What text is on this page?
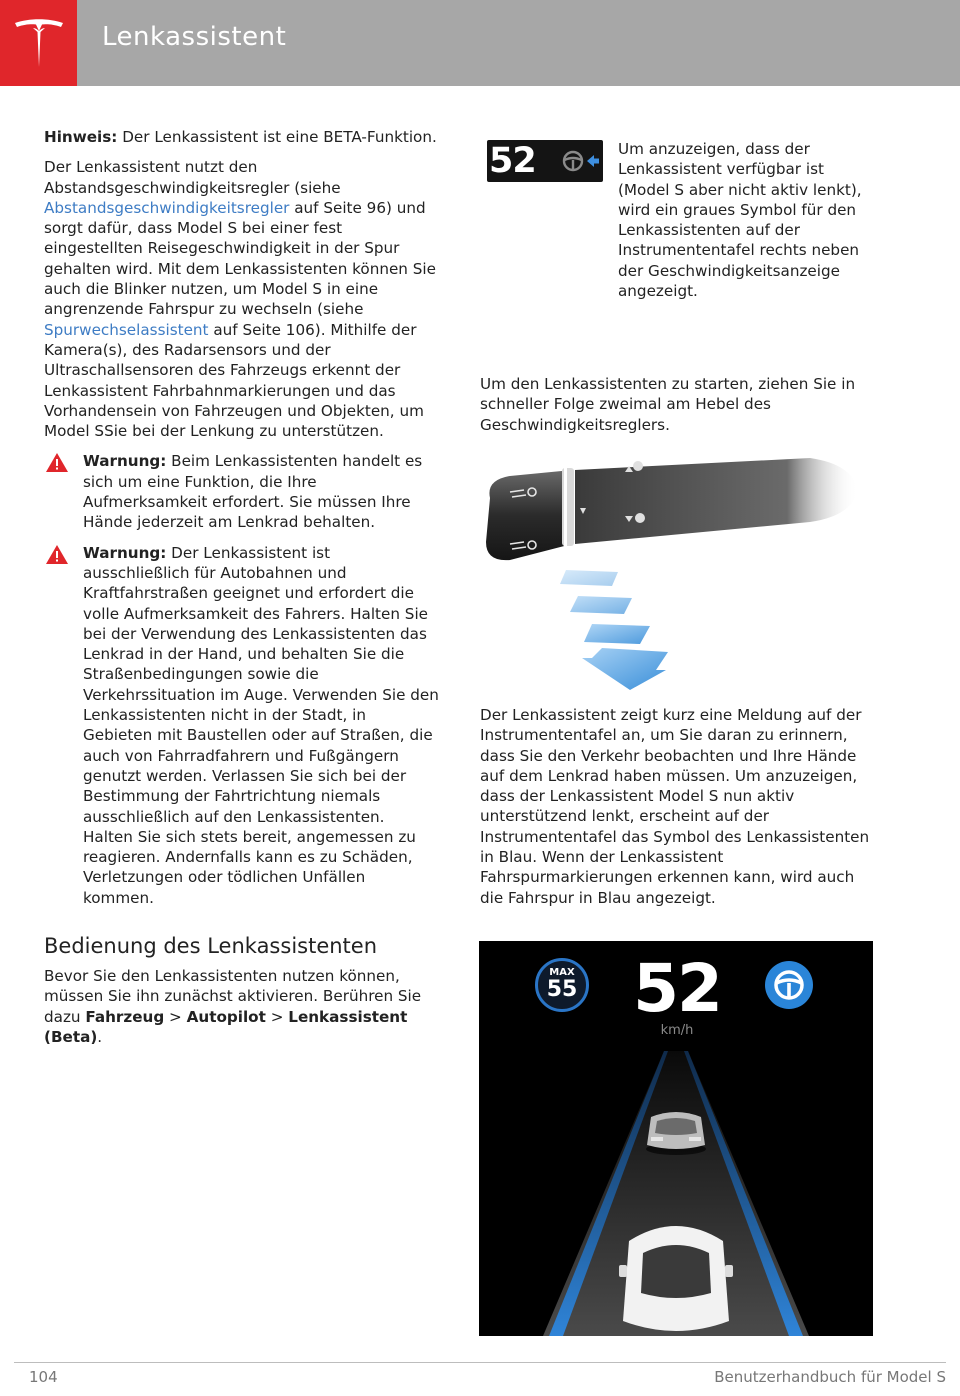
Lenkassistent

Hinweis: Der Lenkassistent ist eine BETA-Funktion.

Der Lenkassistent nutzt den Abstandsgeschwindigkeitsregler (siehe Abstandsgeschwindigkeitsregler auf Seite 96) und sorgt dafür, dass Model S bei einer fest eingestellten Reisegeschwindigkeit in der Spur gehalten wird. Mit dem Lenkassistenten können Sie auch die Blinker nutzen, um Model S in eine angrenzende Fahrspur zu wechseln (siehe Spurwechselassistent auf Seite 106). Mithilfe der Kamera(s), des Radarsensors und der Ultraschallsensoren des Fahrzeugs erkennt der Lenkassistent Fahrbahnmarkierungen und das Vorhandensein von Fahrzeugen und Objekten, um Model SSie bei der Lenkung zu unterstützen.

Warnung: Beim Lenkassistenten handelt es sich um eine Funktion, die Ihre Aufmerksamkeit erfordert. Sie müssen Ihre Hände jederzeit am Lenkrad behalten.
Warnung: Der Lenkassistent ist ausschließlich für Autobahnen und Kraftfahrstraßen geeignet und erfordert die volle Aufmerksamkeit des Fahrers. Halten Sie bei der Verwendung des Lenkassistenten das Lenkrad in der Hand, und behalten Sie die Straßenbedingungen sowie die Verkehrssituation im Auge. Verwenden Sie den Lenkassistenten nicht in der Stadt, in Gebieten mit Baustellen oder auf Straßen, die auch von Fahrradfahrern und Fußgängern genutzt werden. Verlassen Sie sich bei der Bestimmung der Fahrtrichtung niemals ausschließlich auf den Lenkassistenten. Halten Sie sich stets bereit, angemessen zu reagieren. Andernfalls kann es zu Schäden, Verletzungen oder tödlichen Unfällen kommen.
Bedienung des Lenkassistenten

Bevor Sie den Lenkassistenten nutzen können, müssen Sie ihn zunächst aktivieren. Berühren Sie dazu Fahrzeug > Autopilot > Lenkassistent (Beta).

52	Um anzuzeigen, dass der Lenkassistent verfügbar ist (Model S aber nicht aktiv lenkt), wird ein graues Symbol für den Lenkassistenten auf der Instrumententafel rechts neben der Geschwindigkeitsanzeige angezeigt.
Um den Lenkassistenten zu starten, ziehen Sie in schneller Folge zweimal am Hebel des Geschwindigkeitsreglers.
Der Lenkassistent zeigt kurz eine Meldung auf der Instrumententafel an, um Sie daran zu erinnern, dass Sie den Verkehr beobachten und Ihre Hände auf dem Lenkrad haben müssen. Um anzuzeigen, dass der Lenkassistent Model S nun aktiv unterstützend lenkt, erscheint auf der Instrumententafel das Symbol des Lenkassistenten in Blau. Wenn der Lenkassistent Fahrspurmarkierungen erkennen kann, wird auch die Fahrspur in Blau angezeigt.
MAX
55 52
km/h
104	Benutzerhandbuch für Model S
